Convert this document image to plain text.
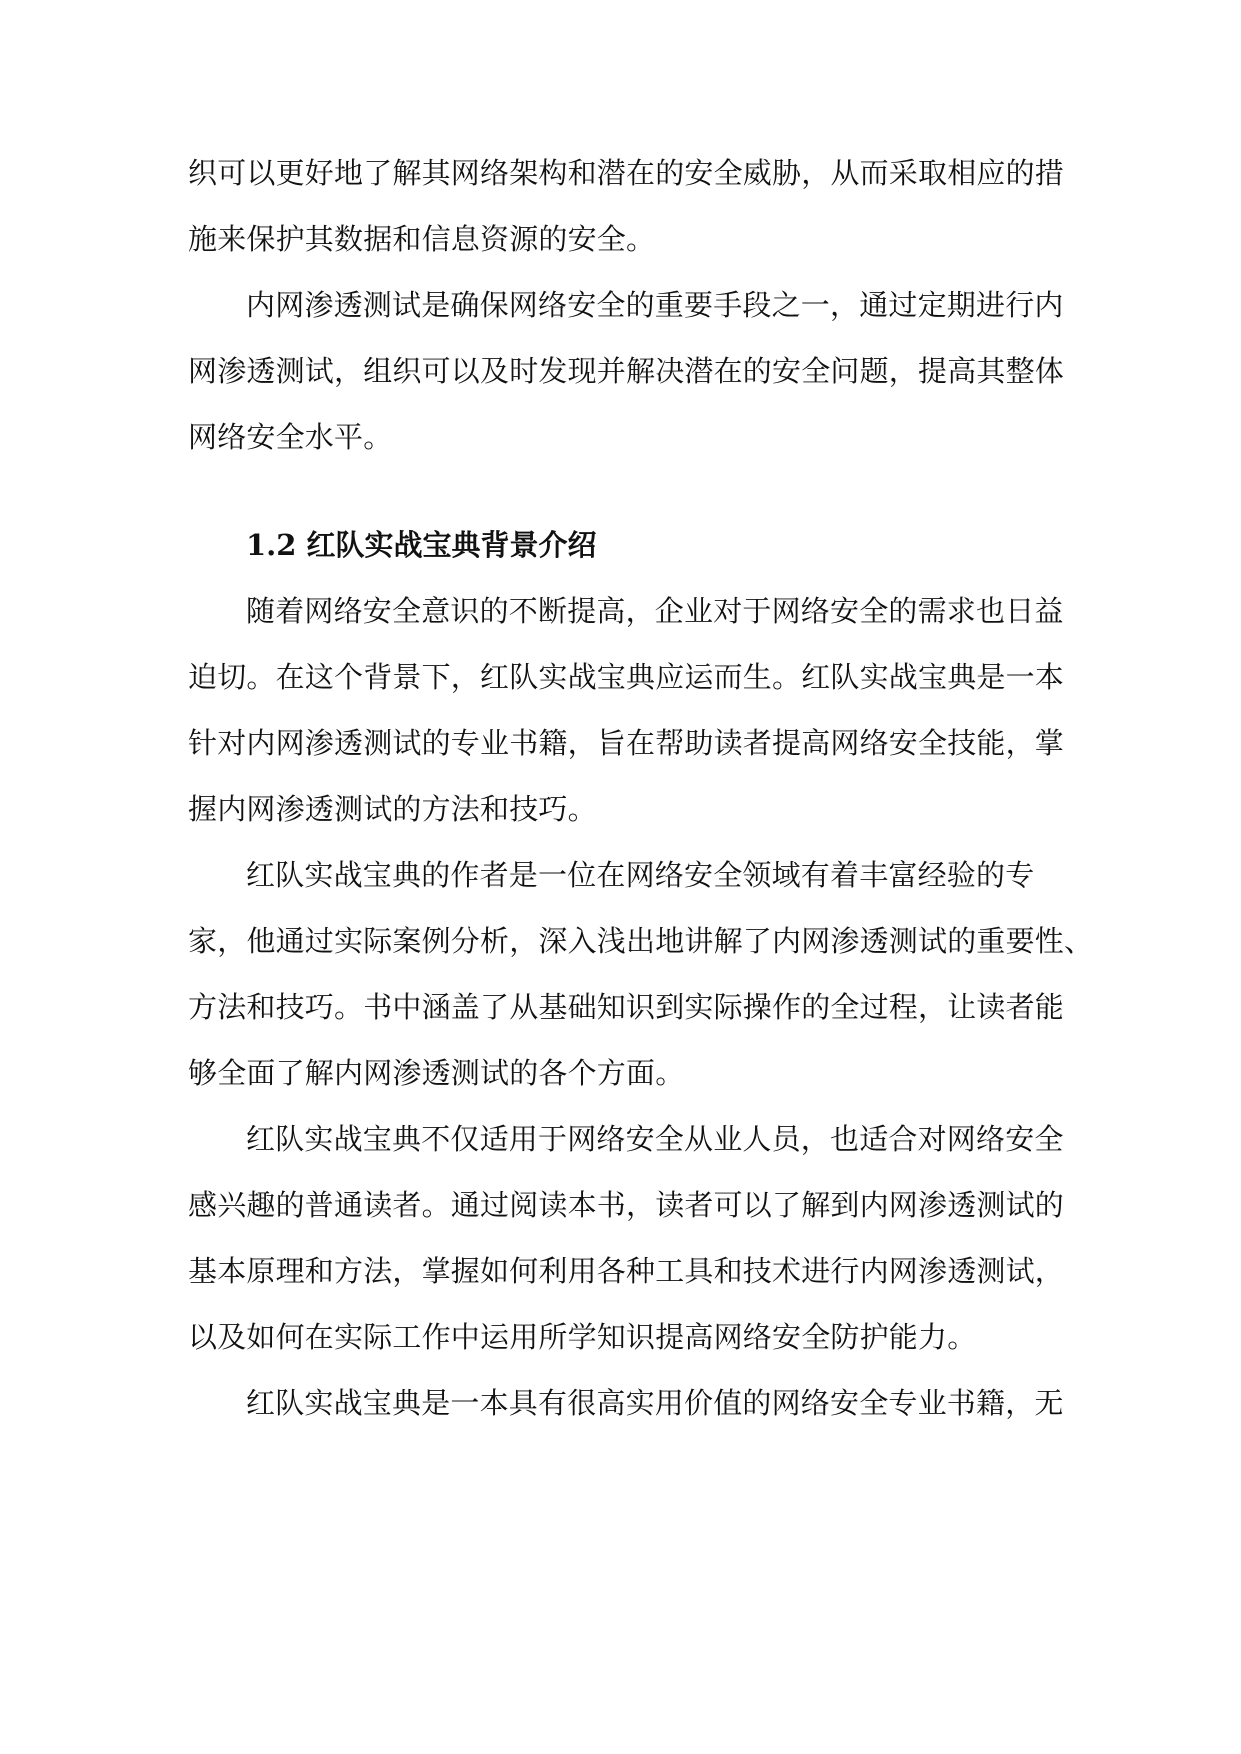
织可以更好地了解其网络架构和潜在的安全威胁，从而采取相应的措
施来保护其数据和信息资源的安全。
内网渗透测试是确保网络安全的重要手段之一，通过定期进行内
网渗透测试，组织可以及时发现并解决潜在的安全问题，提高其整体
网络安全水平。
1.2 红队实战宝典背景介绍
随着网络安全意识的不断提高，企业对于网络安全的需求也日益
迫切。在这个背景下，红队实战宝典应运而生。红队实战宝典是一本
针对内网渗透测试的专业书籍，旨在帮助读者提高网络安全技能，掌
握内网渗透测试的方法和技巧。
红队实战宝典的作者是一位在网络安全领域有着丰富经验的专
家，他通过实际案例分析，深入浅出地讲解了内网渗透测试的重要性、
方法和技巧。书中涵盖了从基础知识到实际操作的全过程，让读者能
够全面了解内网渗透测试的各个方面。
红队实战宝典不仅适用于网络安全从业人员，也适合对网络安全
感兴趣的普通读者。通过阅读本书，读者可以了解到内网渗透测试的
基本原理和方法，掌握如何利用各种工具和技术进行内网渗透测试，
以及如何在实际工作中运用所学知识提高网络安全防护能力。
红队实战宝典是一本具有很高实用价值的网络安全专业书籍，无
